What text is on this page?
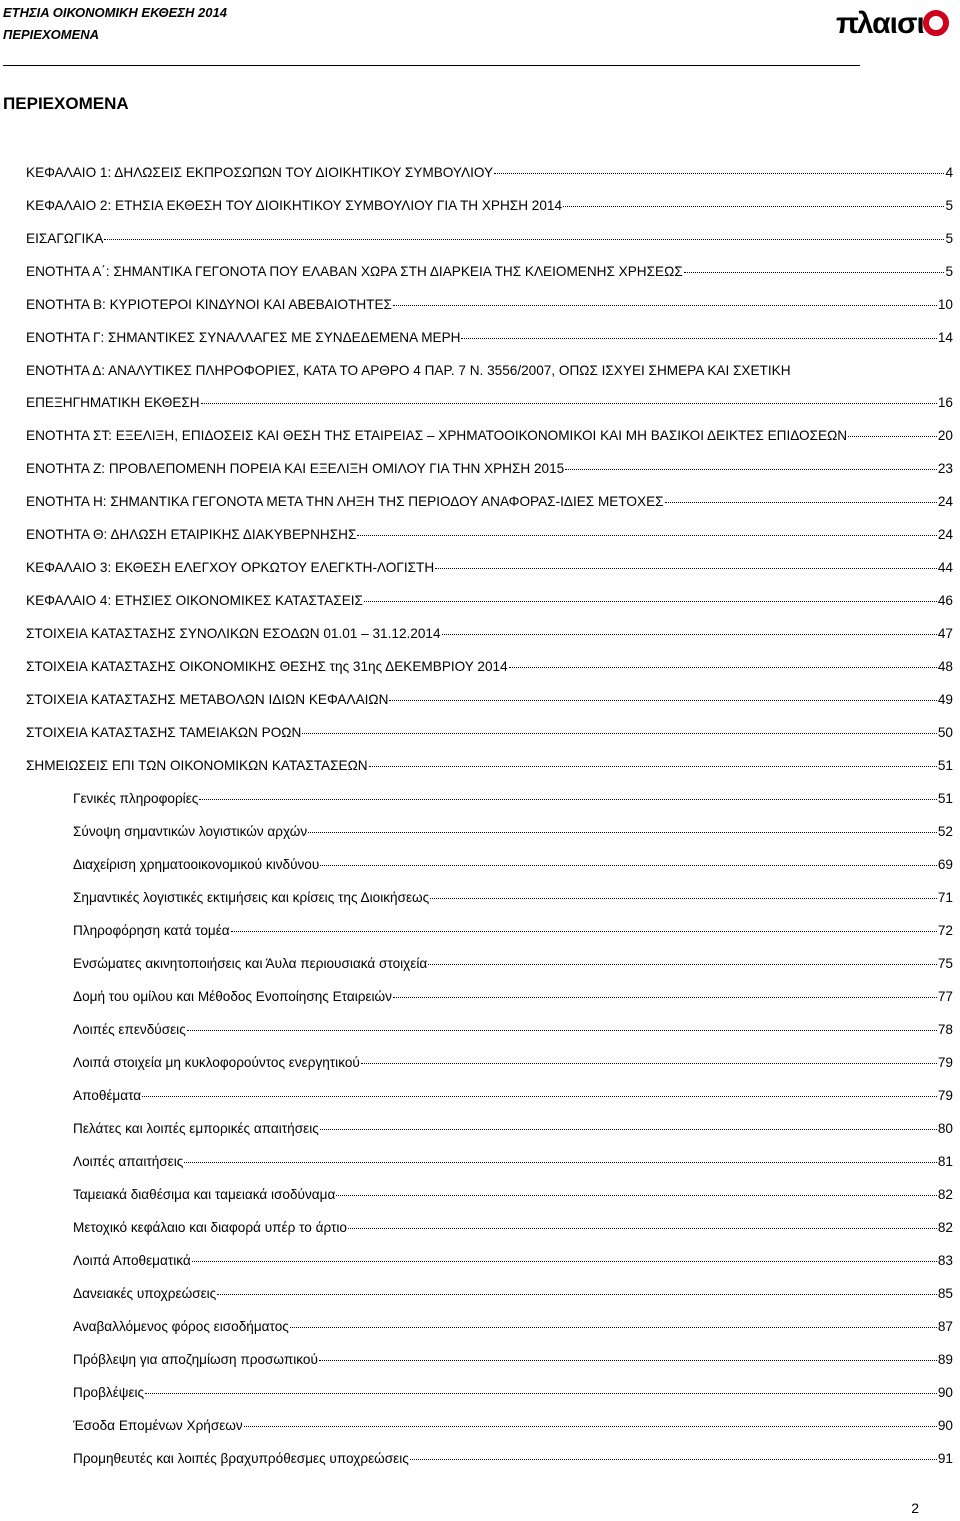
ΕΤΗΣΙΑ ΟΙΚΟΝΟΜΙΚΗ ΕΚΘΕΣΗ 2014
ΠΕΡΙΕΧΟΜΕΝΑ	πλαισι
ΠΕΡΙΕΧΟΜΕΝΑ
ΚΕΦΑΛΑΙΟ 1: ΔΗΛΩΣΕΙΣ ΕΚΠΡΟΣΩΠΩΝ ΤΟΥ ΔΙΟΙΚΗΤΙΚΟΥ ΣΥΜΒΟΥΛΙΟΥ	4
ΚΕΦΑΛΑΙΟ 2: ΕΤΗΣΙΑ ΕΚΘΕΣΗ ΤΟΥ ΔΙΟΙΚΗΤΙΚΟΥ ΣΥΜΒΟΥΛΙΟΥ ΓΙΑ ΤΗ ΧΡΗΣΗ 2014	5
ΕΙΣΑΓΩΓΙΚΑ	5
ΕΝΟΤΗΤΑ Α΄: ΣΗΜΑΝΤΙΚΑ ΓΕΓΟΝΟΤΑ ΠΟΥ ΕΛΑΒΑΝ ΧΩΡΑ ΣΤΗ ΔΙΑΡΚΕΙΑ ΤΗΣ ΚΛΕΙΟΜΕΝΗΣ ΧΡΗΣΕΩΣ	5
ΕΝΟΤΗΤΑ Β: ΚΥΡΙΟΤΕΡΟΙ ΚΙΝΔΥΝΟΙ ΚΑΙ ΑΒΕΒΑΙΟΤΗΤΕΣ	10
ΕΝΟΤΗΤΑ Γ: ΣΗΜΑΝΤΙΚΕΣ ΣΥΝΑΛΛΑΓΕΣ ΜΕ ΣΥΝΔΕΔΕΜΕΝΑ ΜΕΡΗ	14
ΕΝΟΤΗΤΑ Δ: ΑΝΑΛΥΤΙΚΕΣ ΠΛΗΡΟΦΟΡΙΕΣ, ΚΑΤΑ ΤΟ ΑΡΘΡΟ 4 ΠΑΡ. 7 Ν. 3556/2007, ΟΠΩΣ ΙΣΧΥΕΙ ΣΗΜΕΡΑ ΚΑΙ ΣΧΕΤΙΚΗ
ΕΠΕΞΗΓΗΜΑΤΙΚΗ ΕΚΘΕΣΗ	16
ΕΝΟΤΗΤΑ ΣΤ: ΕΞΕΛΙΞΗ, ΕΠΙΔΟΣΕΙΣ ΚΑΙ ΘΕΣΗ ΤΗΣ ΕΤΑΙΡΕΙΑΣ – ΧΡΗΜΑΤΟΟΙΚΟΝΟΜΙΚΟΙ ΚΑΙ ΜΗ ΒΑΣΙΚΟΙ ΔΕΙΚΤΕΣ ΕΠΙΔΟΣΕΩΝ	20
ΕΝΟΤΗΤΑ Ζ: ΠΡΟΒΛΕΠΟΜΕΝΗ ΠΟΡΕΙΑ ΚΑΙ ΕΞΕΛΙΞΗ ΟΜΙΛΟΥ ΓΙΑ ΤΗΝ ΧΡΗΣΗ 2015	23
ΕΝΟΤΗΤΑ Η: ΣΗΜΑΝΤΙΚΑ ΓΕΓΟΝΟΤΑ ΜΕΤΑ ΤΗΝ ΛΗΞΗ ΤΗΣ ΠΕΡΙΟΔΟΥ ΑΝΑΦΟΡΑΣ-ΙΔΙΕΣ ΜΕΤΟΧΕΣ	24
ΕΝΟΤΗΤΑ Θ: ΔΗΛΩΣΗ ΕΤΑΙΡΙΚΗΣ ΔΙΑΚΥΒΕΡΝΗΣΗΣ	24
ΚΕΦΑΛΑΙΟ 3: ΕΚΘΕΣΗ ΕΛΕΓΧΟΥ ΟΡΚΩΤΟΥ ΕΛΕΓΚΤΗ-ΛΟΓΙΣΤΗ	44
ΚΕΦΑΛΑΙΟ 4: ΕΤΗΣΙΕΣ ΟΙΚΟΝΟΜΙΚΕΣ ΚΑΤΑΣΤΑΣΕΙΣ	46
ΣΤΟΙΧΕΙΑ ΚΑΤΑΣΤΑΣΗΣ ΣΥΝΟΛΙΚΩΝ ΕΣΟΔΩΝ 01.01 – 31.12.2014	47
ΣΤΟΙΧΕΙΑ ΚΑΤΑΣΤΑΣΗΣ ΟΙΚΟΝΟΜΙΚΗΣ ΘΕΣΗΣ της 31ης ΔΕΚΕΜΒΡΙΟΥ 2014	48
ΣΤΟΙΧΕΙΑ ΚΑΤΑΣΤΑΣΗΣ ΜΕΤΑΒΟΛΩΝ ΙΔΙΩΝ ΚΕΦΑΛΑΙΩΝ	49
ΣΤΟΙΧΕΙΑ ΚΑΤΑΣΤΑΣΗΣ ΤΑΜΕΙΑΚΩΝ ΡΟΩΝ	50
ΣΗΜΕΙΩΣΕΙΣ ΕΠΙ ΤΩΝ ΟΙΚΟΝΟΜΙΚΩΝ ΚΑΤΑΣΤΑΣΕΩΝ	51
Γενικές πληροφορίες	51
Σύνοψη σημαντικών λογιστικών αρχών	52
Διαχείριση χρηματοοικονομικού κινδύνου	69
Σημαντικές λογιστικές εκτιμήσεις και κρίσεις της Διοικήσεως	71
Πληροφόρηση κατά τομέα	72
Ενσώματες ακινητοποιήσεις και Άυλα περιουσιακά στοιχεία	75
Δομή του ομίλου και Μέθοδος Ενοποίησης Εταιρειών	77
Λοιπές επενδύσεις	78
Λοιπά στοιχεία μη κυκλοφορούντος ενεργητικού	79
Αποθέματα	79
Πελάτες και λοιπές εμπορικές απαιτήσεις	80
Λοιπές απαιτήσεις	81
Ταμειακά διαθέσιμα και ταμειακά ισοδύναμα	82
Μετοχικό κεφάλαιο και διαφορά υπέρ το άρτιο	82
Λοιπά Αποθεματικά	83
Δανειακές υποχρεώσεις	85
Αναβαλλόμενος φόρος εισοδήματος	87
Πρόβλεψη για αποζημίωση προσωπικού	89
Προβλέψεις	90
Έσοδα Επομένων Χρήσεων	90
Προμηθευτές και λοιπές βραχυπρόθεσμες υποχρεώσεις	91
2
